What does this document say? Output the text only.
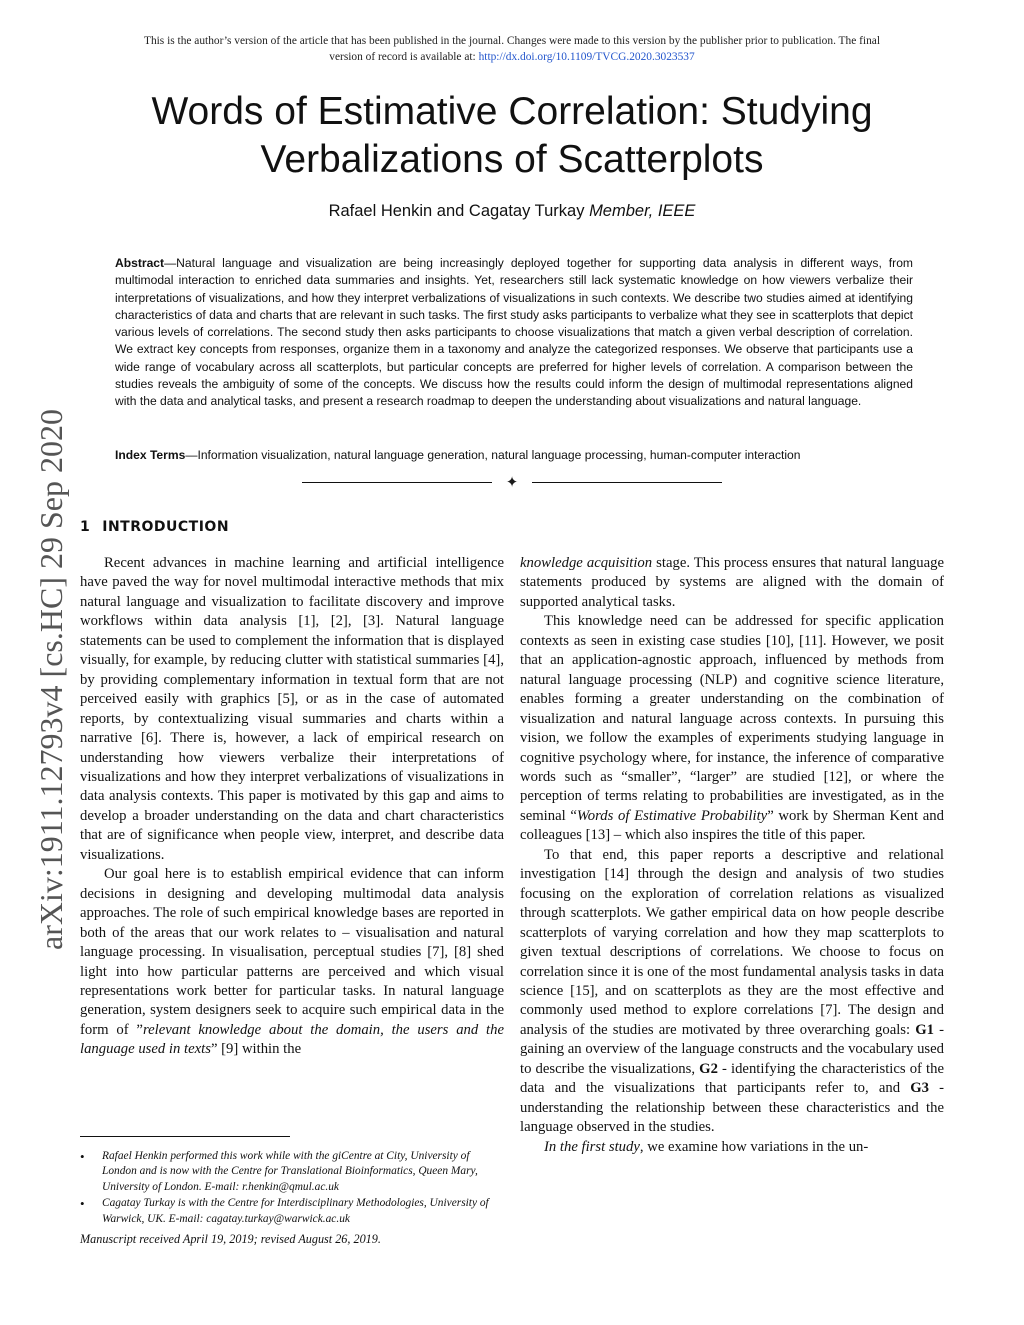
This is the author’s version of the article that has been published in the journal. Changes were made to this version by the publisher prior to publication. The final
version of record is available at: http://dx.doi.org/10.1109/TVCG.2020.3023537
arXiv:1911.12793v4 [cs.HC] 29 Sep 2020
Words of Estimative Correlation: Studying
Verbalizations of Scatterplots
Rafael Henkin and Cagatay Turkay Member, IEEE

Abstract—Natural language and visualization are being increasingly deployed together for supporting data analysis in different ways, from multimodal interaction to enriched data summaries and insights. Yet, researchers still lack systematic knowledge on how viewers verbalize their interpretations of visualizations, and how they interpret verbalizations of visualizations in such contexts. We describe two studies aimed at identifying characteristics of data and charts that are relevant in such tasks. The first study asks participants to verbalize what they see in scatterplots that depict various levels of correlations. The second study then asks participants to choose visualizations that match a given verbal description of correlation. We extract key concepts from responses, organize them in a taxonomy and analyze the categorized responses. We observe that participants use a wide range of vocabulary across all scatterplots, but particular concepts are preferred for higher levels of correlation. A comparison between the studies reveals the ambiguity of some of the concepts. We discuss how the results could inform the design of multimodal representations aligned with the data and analytical tasks, and present a research roadmap to deepen the understanding about visualizations and natural language.

Index Terms—Information visualization, natural language generation, natural language processing, human-computer interaction

✦
1 INTRODUCTION

Recent advances in machine learning and artificial intelligence have paved the way for novel multimodal interactive methods that mix natural language and visualization to facilitate discovery and improve workflows within data analysis [1], [2], [3]. Natural language statements can be used to complement the information that is displayed visually, for example, by reducing clutter with statistical summaries [4], by providing complementary information in textual form that are not perceived easily with graphics [5], or as in the case of automated reports, by contextualizing visual summaries and charts within a narrative [6]. There is, however, a lack of empirical research on understanding how viewers verbalize their interpretations of visualizations and how they interpret verbalizations of visualizations in data analysis contexts. This paper is motivated by this gap and aims to develop a broader understanding on the data and chart characteristics that are of significance when people view, interpret, and describe data visualizations.

Our goal here is to establish empirical evidence that can inform decisions in designing and developing multimodal data analysis approaches. The role of such empirical knowledge bases are reported in both of the areas that our work relates to – visualisation and natural language processing. In visualisation, perceptual studies [7], [8] shed light into how particular patterns are perceived and which visual representations work better for particular tasks. In natural language generation, system designers seek to acquire such empirical data in the form of ”relevant knowledge about the domain, the users and the language used in texts” [9] within the

• Rafael Henkin performed this work while with the giCentre at City, University of London and is now with the Centre for Translational Bioinformatics, Queen Mary, University of London. E-mail: r.henkin@qmul.ac.uk

• Cagatay Turkay is with the Centre for Interdisciplinary Methodologies, University of Warwick, UK. E-mail: cagatay.turkay@warwick.ac.uk

Manuscript received April 19, 2019; revised August 26, 2019.

knowledge acquisition stage. This process ensures that natural language statements produced by systems are aligned with the domain of supported analytical tasks.

This knowledge need can be addressed for specific application contexts as seen in existing case studies [10], [11]. However, we posit that an application-agnostic approach, influenced by methods from natural language processing (NLP) and cognitive science literature, enables forming a greater understanding on the combination of visualization and natural language across contexts. In pursuing this vision, we follow the examples of experiments studying language in cognitive psychology where, for instance, the inference of comparative words such as “smaller”, “larger” are studied [12], or where the perception of terms relating to probabilities are investigated, as in the seminal “Words of Estimative Probability” work by Sherman Kent and colleagues [13] – which also inspires the title of this paper.

To that end, this paper reports a descriptive and relational investigation [14] through the design and analysis of two studies focusing on the exploration of correlation relations as visualized through scatterplots. We gather empirical data on how people describe scatterplots of varying correlation and how they map scatterplots to given textual descriptions of correlations. We choose to focus on correlation since it is one of the most fundamental analysis tasks in data science [15], and on scatterplots as they are the most effective and commonly used method to explore correlations [7]. The design and analysis of the studies are motivated by three overarching goals: G1 - gaining an overview of the language constructs and the vocabulary used to describe the visualizations, G2 - identifying the characteristics of the data and the visualizations that participants refer to, and G3 - understanding the relationship between these characteristics and the language observed in the studies.

In the first study, we examine how variations in the un-
